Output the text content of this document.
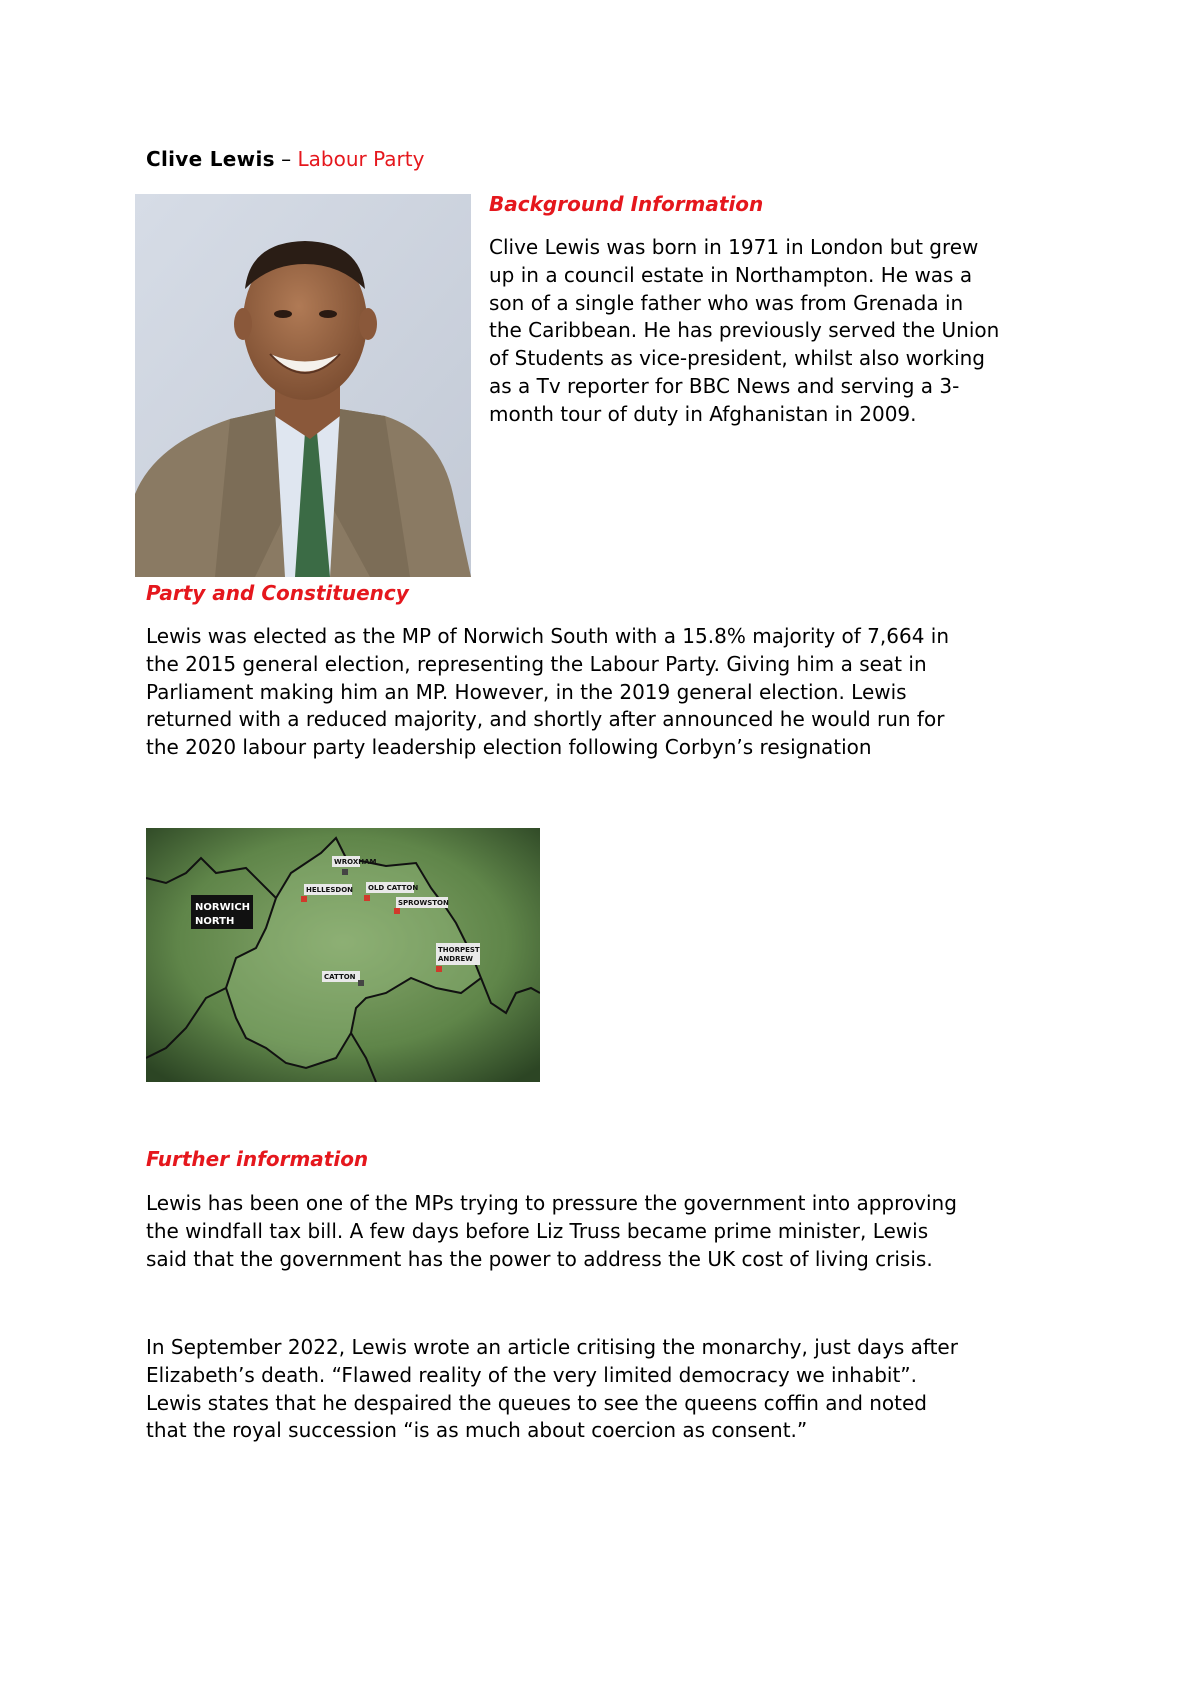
Clive Lewis – Labour Party
Background Information
Clive Lewis was born in 1971 in London but grew
up in a council estate in Northampton. He was a
son of a single father who was from Grenada in
the Caribbean. He has previously served the Union
of Students as vice-president, whilst also working
as a Tv reporter for BBC News and serving a 3-
month tour of duty in Afghanistan in 2009.
Party and Constituency
Lewis was elected as the MP of Norwich South with a 15.8% majority of 7,664 in
the 2015 general election, representing the Labour Party. Giving him a seat in
Parliament making him an MP. However, in the 2019 general election. Lewis
returned with a reduced majority, and shortly after announced he would run for
the 2020 labour party leadership election following Corbyn’s resignation
NORWICH
NORTH
WROXHAM
HELLESDON OLD CATTON
SPROWSTON
THORPEST
ANDREW
CATTON
Further information
Lewis has been one of the MPs trying to pressure the government into approving
the windfall tax bill. A few days before Liz Truss became prime minister, Lewis
said that the government has the power to address the UK cost of living crisis.
In September 2022, Lewis wrote an article critising the monarchy, just days after
Elizabeth’s death. “Flawed reality of the very limited democracy we inhabit”.
Lewis states that he despaired the queues to see the queens coffin and noted
that the royal succession “is as much about coercion as consent.”
